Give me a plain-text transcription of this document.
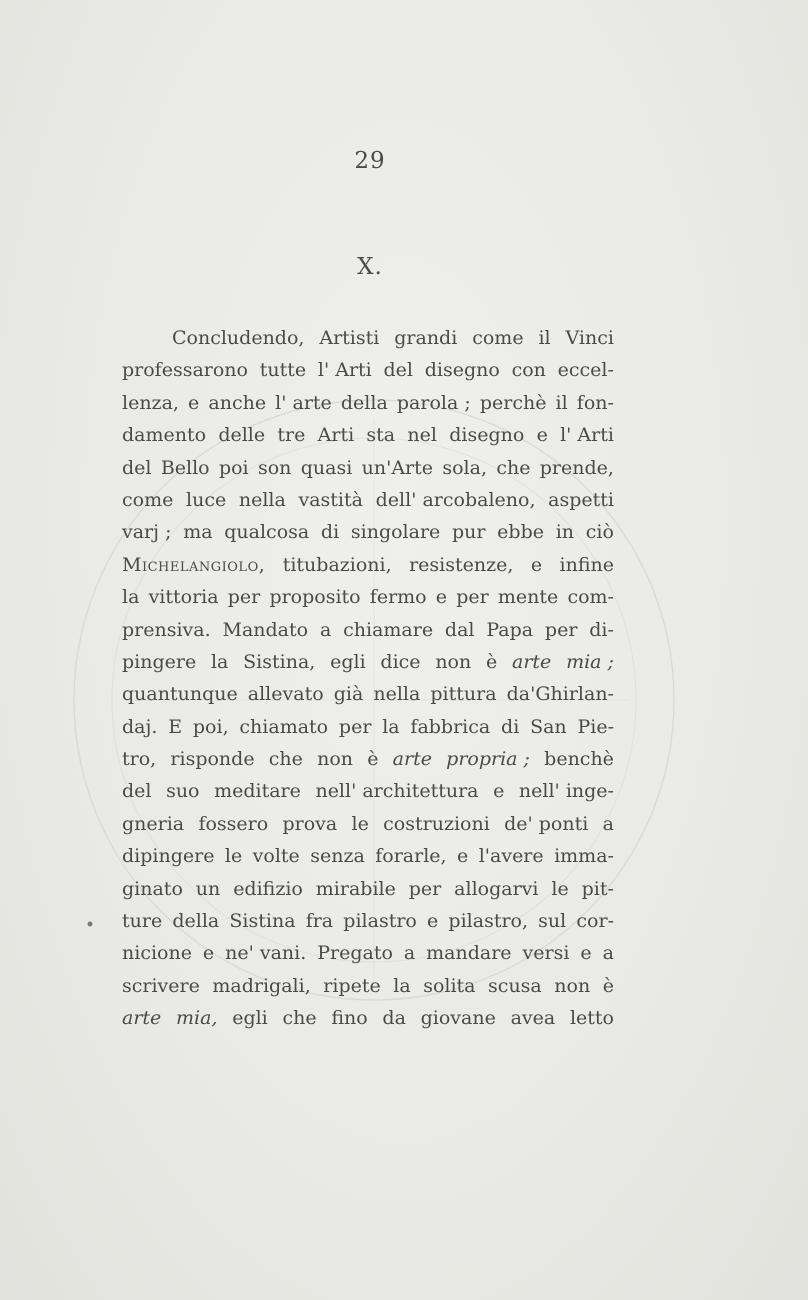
29
X.
Concludendo, Artisti grandi come il Vinci
professarono tutte l' Arti del disegno con eccel-
lenza, e anche l' arte della parola ; perchè il fon-
damento delle tre Arti sta nel disegno e l' Arti
del Bello poi son quasi un'Arte sola, che prende,
come luce nella vastità dell' arcobaleno, aspetti
varj ; ma qualcosa di singolare pur ebbe in ciò
Michelangiolo, titubazioni, resistenze, e infine
la vittoria per proposito fermo e per mente com-
prensiva. Mandato a chiamare dal Papa per di-
pingere la Sistina, egli dice non è arte mia ;
quantunque allevato già nella pittura da'Ghirlan-
daj. E poi, chiamato per la fabbrica di San Pie-
tro, risponde che non è arte propria ; benchè
del suo meditare nell' architettura e nell' inge-
gneria fossero prova le costruzioni de' ponti a
dipingere le volte senza forarle, e l'avere imma-
ginato un edifizio mirabile per allogarvi le pit-
ture della Sistina fra pilastro e pilastro, sul cor-
nicione e ne' vani. Pregato a mandare versi e a
scrivere madrigali, ripete la solita scusa non è
arte mia, egli che fino da giovane avea letto
